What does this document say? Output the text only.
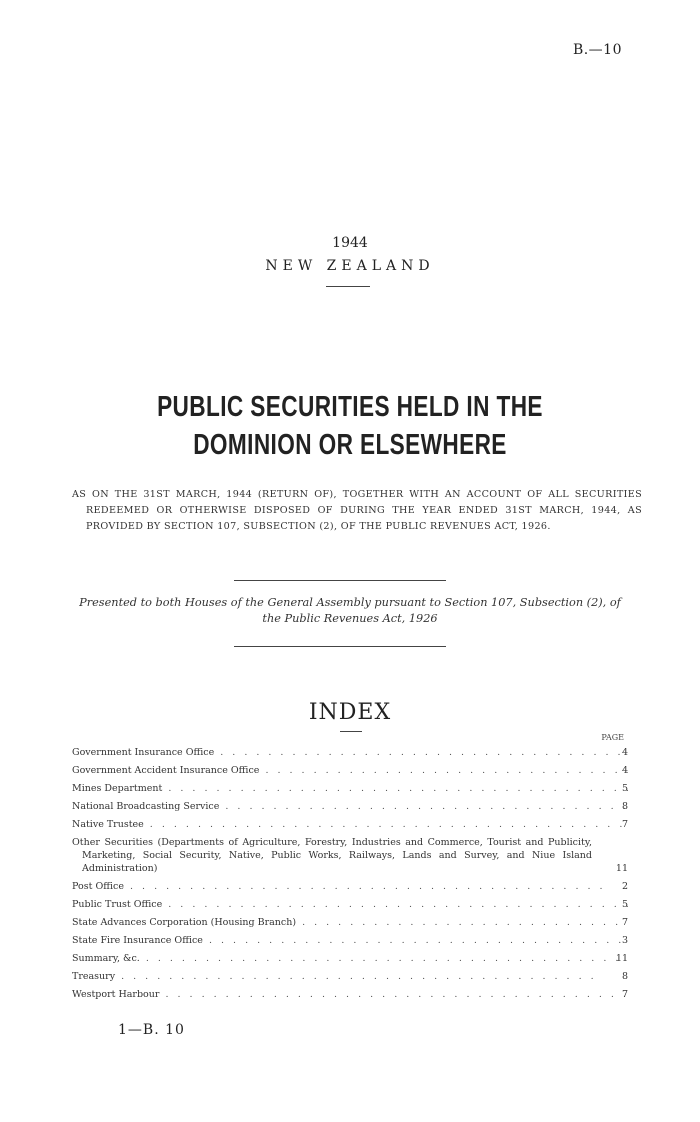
B.—10
1944
NEW ZEALAND
PUBLIC SECURITIES HELD IN THE DOMINION OR ELSEWHERE
AS ON THE 31ST MARCH, 1944 (RETURN OF), TOGETHER WITH AN ACCOUNT OF ALL SECURITIES REDEEMED OR OTHERWISE DISPOSED OF DURING THE YEAR ENDED 31ST MARCH, 1944, AS PROVIDED BY SECTION 107, SUBSECTION (2), OF THE PUBLIC REVENUES ACT, 1926.
Presented to both Houses of the General Assembly pursuant to Section 107, Subsection (2), of the Public Revenues Act, 1926
INDEX
PAGE
Government Insurance Office . .	4
Government Accident Insurance Office . .	4
Mines Department . .	5
National Broadcasting Service . .	8
Native Trustee . .	7
Other Securities (Departments of Agriculture, Forestry, Industries and Commerce, Tourist and Publicity, Marketing, Social Security, Native, Public Works, Railways, Lands and Survey, and Niue Island Administration)	11
Post Office . .	2
Public Trust Office . .	5
State Advances Corporation (Housing Branch) . .	7
State Fire Insurance Office . .	3
Summary, &c. . .	11
Treasury . .	8
Westport Harbour . .	7
1—B. 10
